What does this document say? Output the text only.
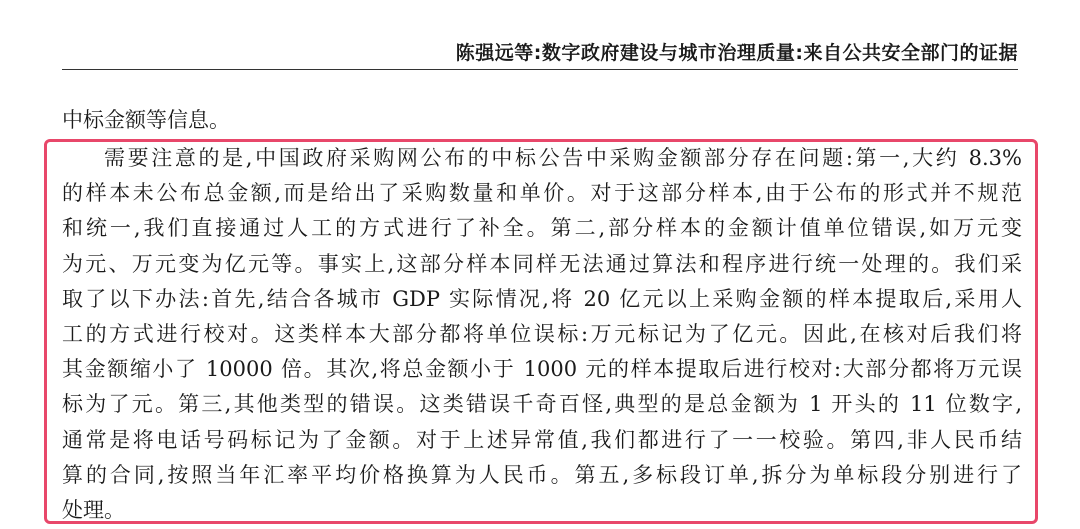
陈强远等:数字政府建设与城市治理质量:来自公共安全部门的证据
中标金额等信息。
需要注意的是,中国政府采购网公布的中标公告中采购金额部分存在问题:第一,大约 8.3%
的样本未公布总金额,而是给出了采购数量和单价。对于这部分样本,由于公布的形式并不规范
和统一,我们直接通过人工的方式进行了补全。第二,部分样本的金额计值单位错误,如万元变
为元、万元变为亿元等。事实上,这部分样本同样无法通过算法和程序进行统一处理的。我们采
取了以下办法:首先,结合各城市 GDP 实际情况,将 20 亿元以上采购金额的样本提取后,采用人
工的方式进行校对。这类样本大部分都将单位误标:万元标记为了亿元。因此,在核对后我们将
其金额缩小了 10000 倍。其次,将总金额小于 1000 元的样本提取后进行校对:大部分都将万元误
标为了元。第三,其他类型的错误。这类错误千奇百怪,典型的是总金额为 1 开头的 11 位数字,
通常是将电话号码标记为了金额。对于上述异常值,我们都进行了一一校验。第四,非人民币结
算的合同,按照当年汇率平均价格换算为人民币。第五,多标段订单,拆分为单标段分别进行了
处理。
